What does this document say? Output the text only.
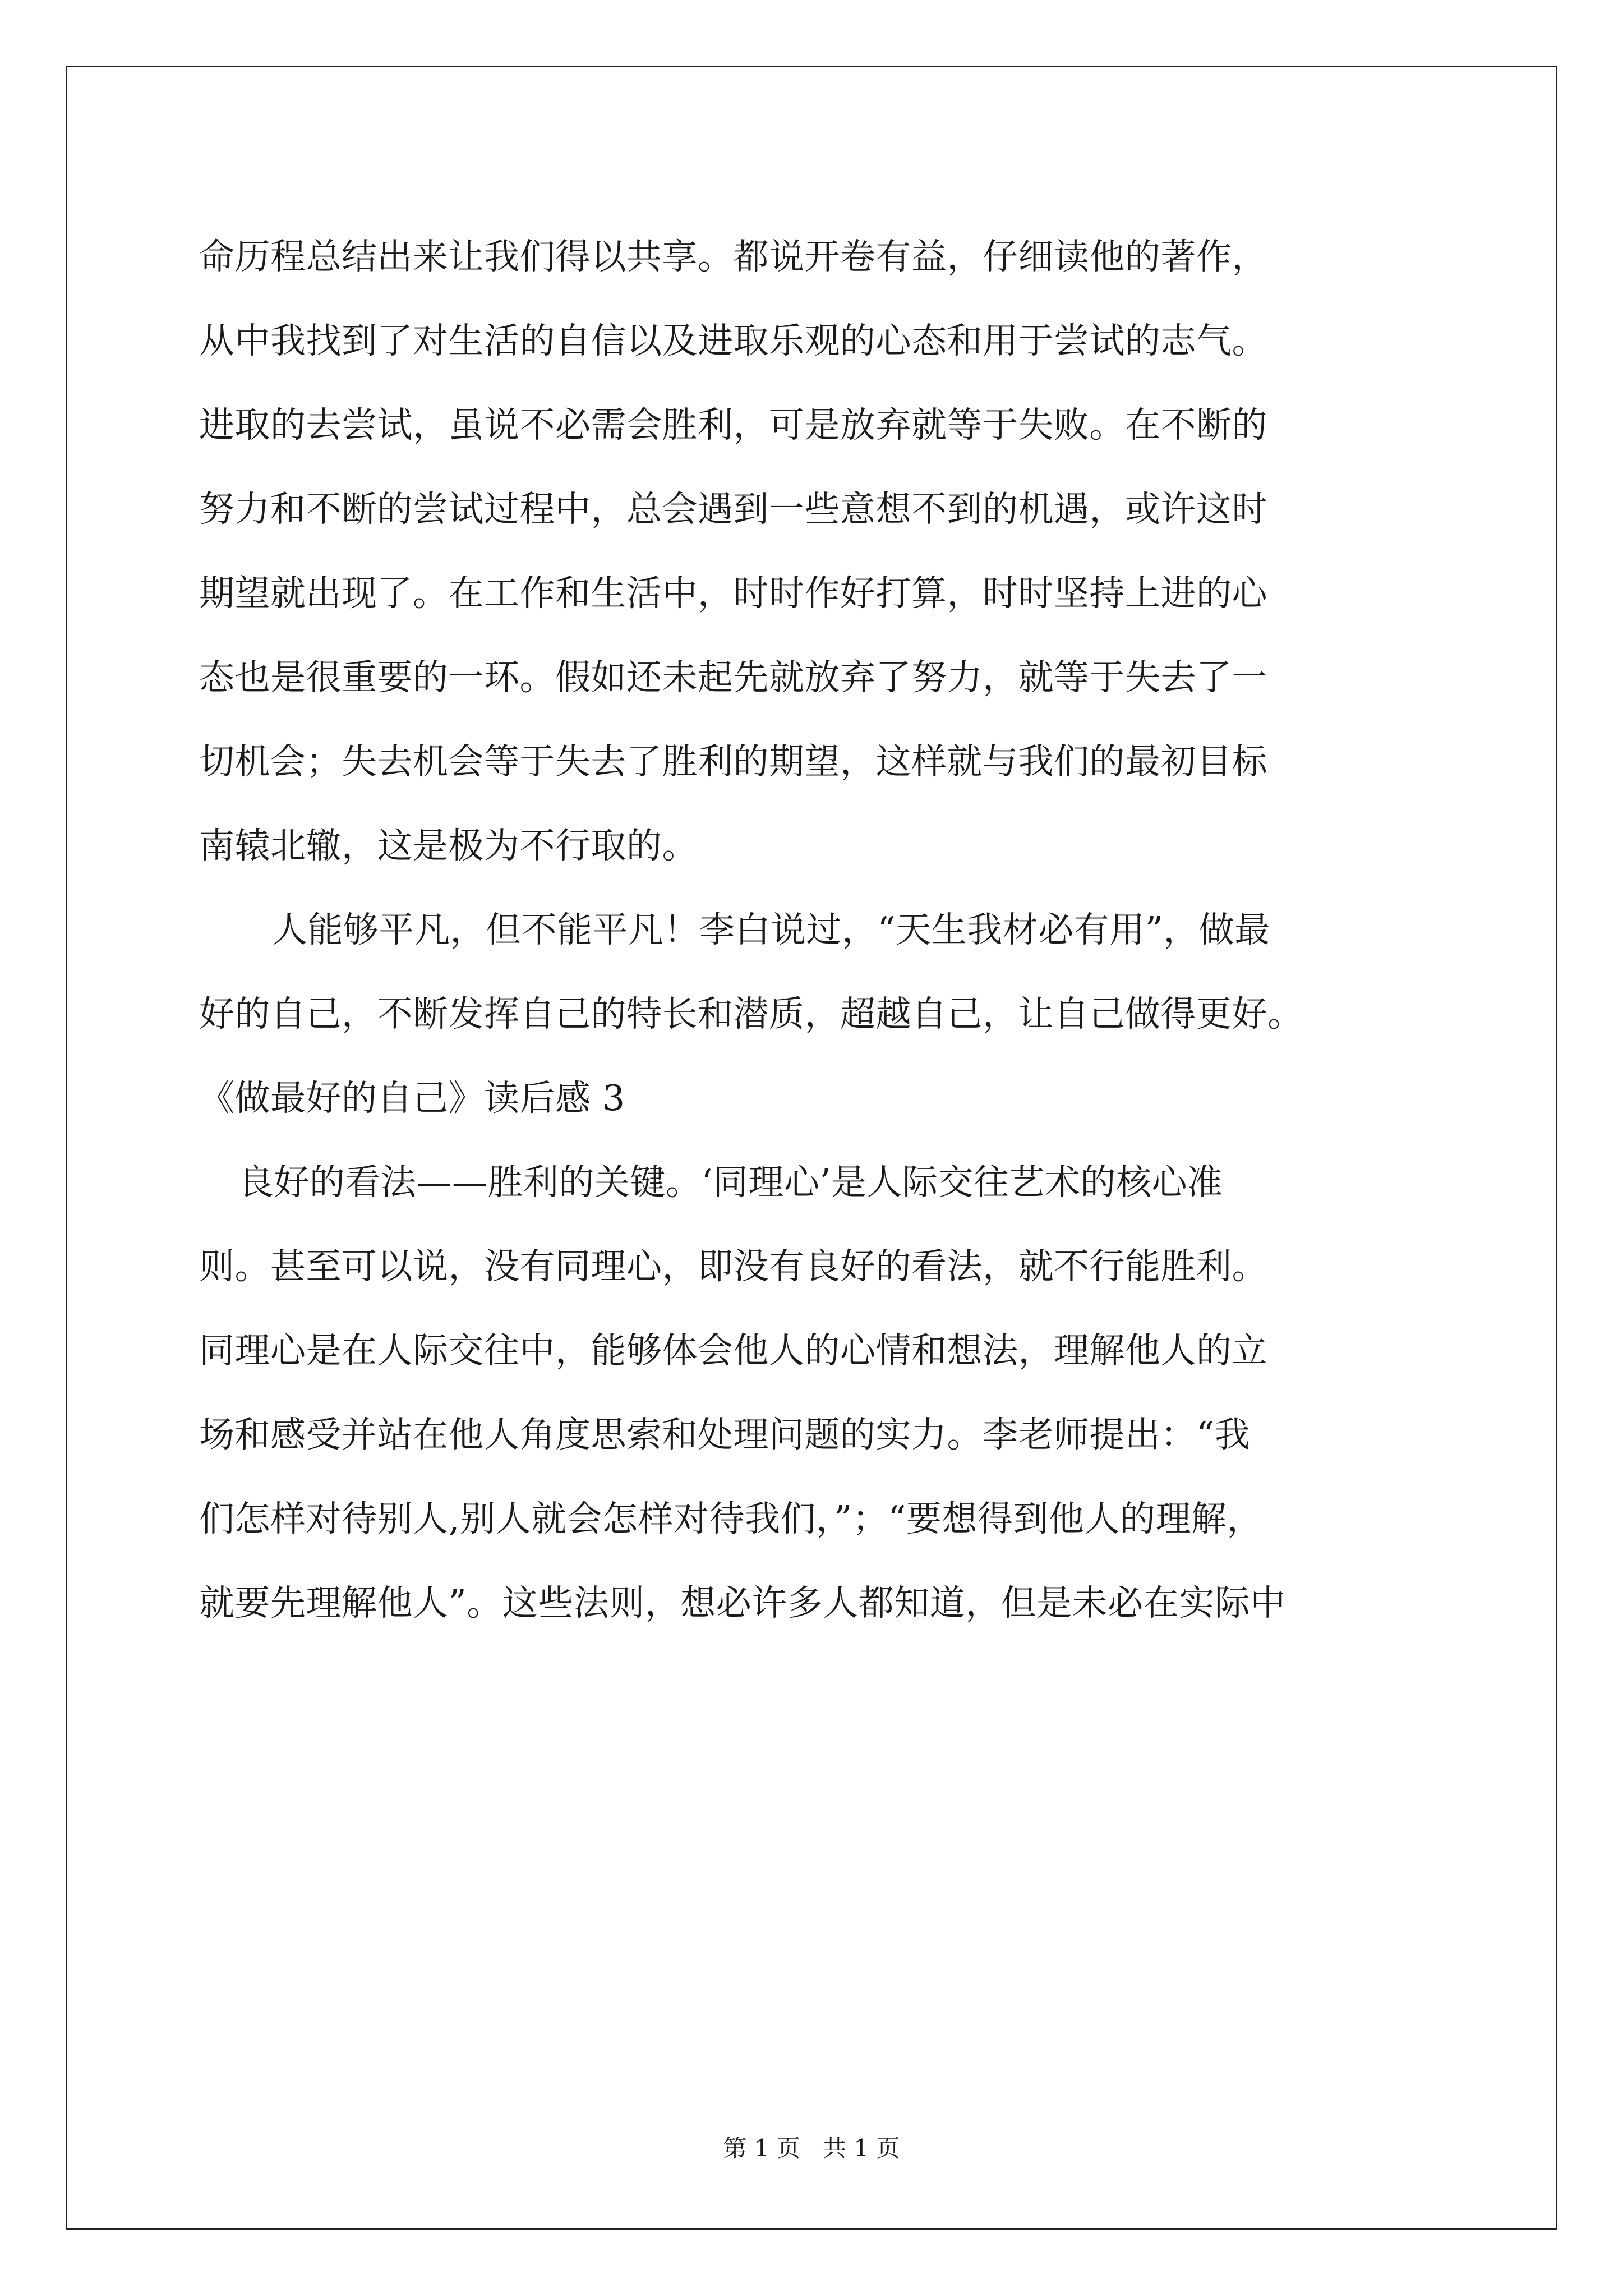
命历程总结出来让我们得以共享。都说开卷有益，仔细读他的著作，
从中我找到了对生活的自信以及进取乐观的心态和用于尝试的志气。
进取的去尝试，虽说不必需会胜利，可是放弃就等于失败。在不断的
努力和不断的尝试过程中，总会遇到一些意想不到的机遇，或许这时
期望就出现了。在工作和生活中，时时作好打算，时时坚持上进的心
态也是很重要的一环。假如还未起先就放弃了努力，就等于失去了一
切机会；失去机会等于失去了胜利的期望，这样就与我们的最初目标
南辕北辙，这是极为不行取的。
人能够平凡，但不能平凡！李白说过，“天生我材必有用”，做最
好的自己，不断发挥自己的特长和潜质，超越自己，让自己做得更好。
《做最好的自己》读后感 3
良好的看法——胜利的关键。‘同理心’是人际交往艺术的核心准
则。甚至可以说，没有同理心，即没有良好的看法，就不行能胜利。
同理心是在人际交往中，能够体会他人的心情和想法，理解他人的立
场和感受并站在他人角度思索和处理问题的实力。李老师提出：“我
们怎样对待别人,别人就会怎样对待我们，”；“要想得到他人的理解，
就要先理解他人”。这些法则，想必许多人都知道，但是未必在实际中
第 1 页   共 1 页
